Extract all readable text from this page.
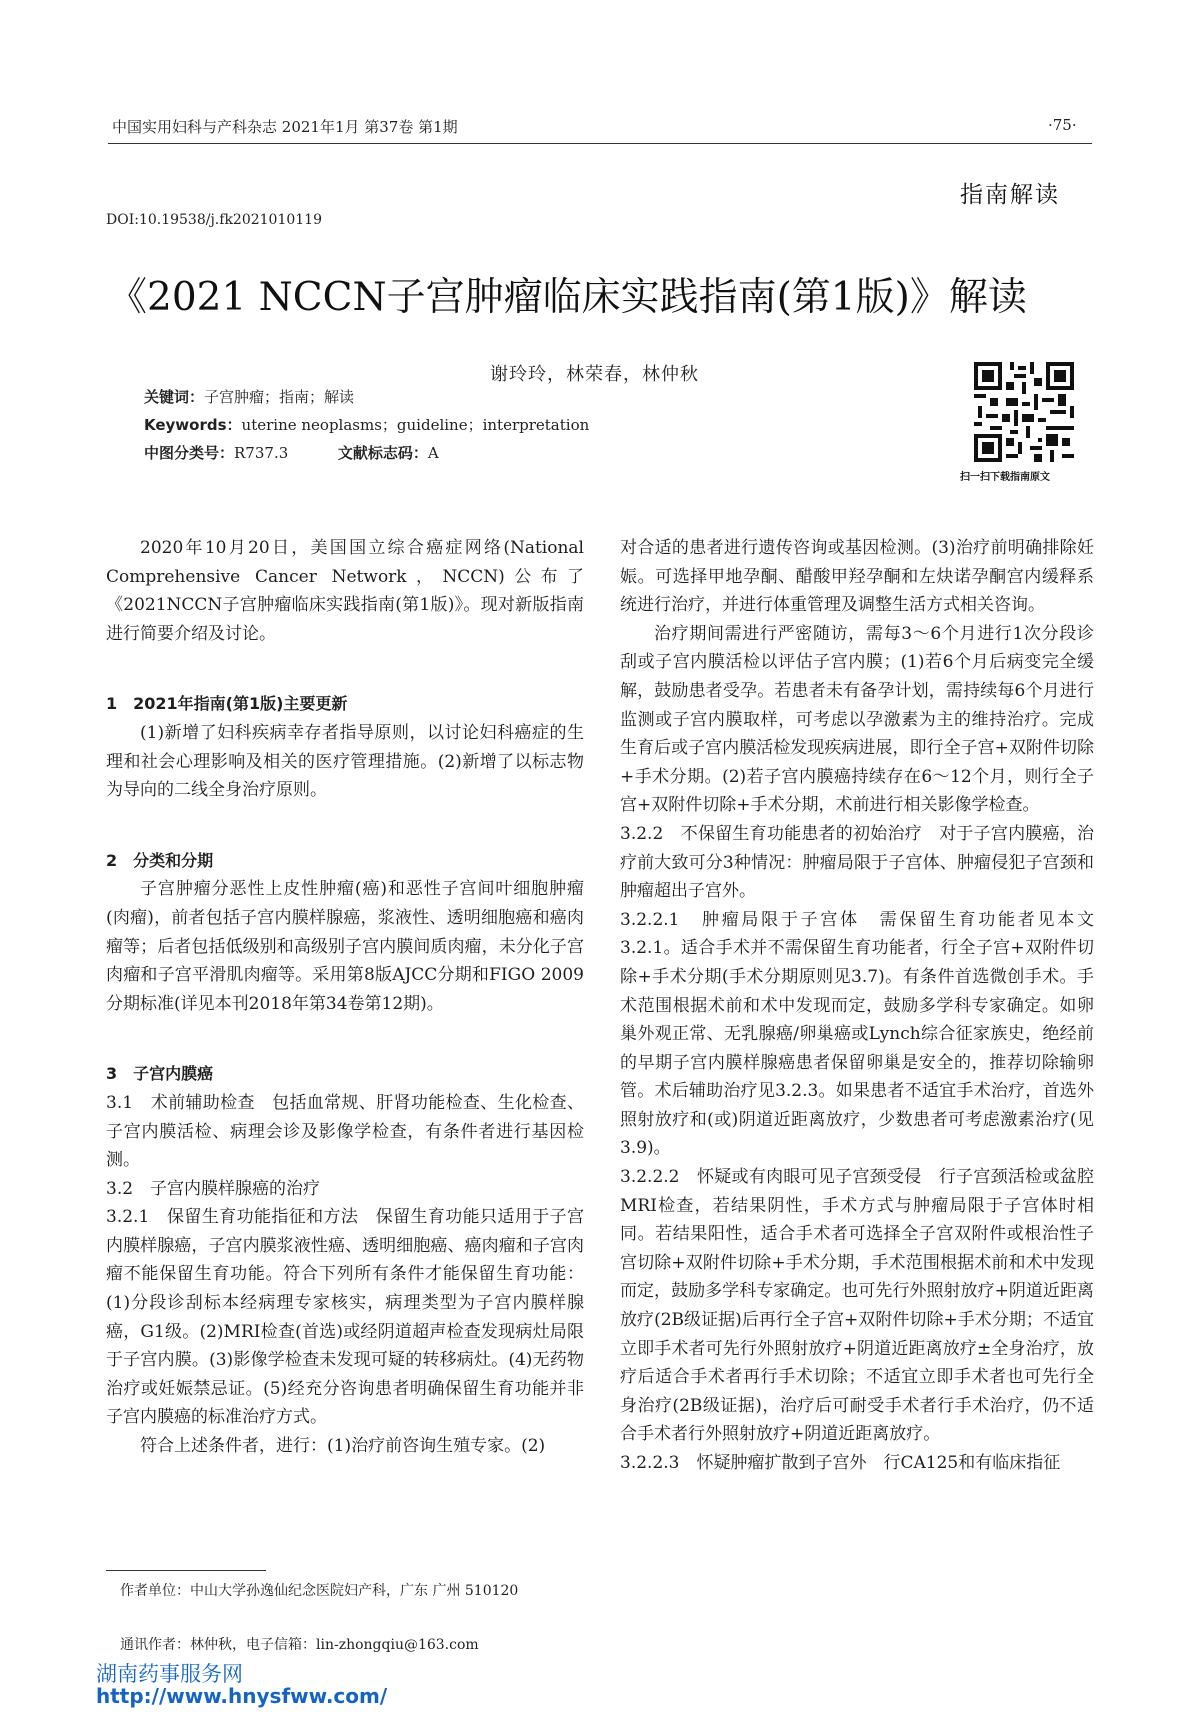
中国实用妇科与产科杂志 2021年1月 第37卷 第1期	·75·
指南解读
DOI:10.19538/j.fk2021010119
《2021 NCCN子宫肿瘤临床实践指南(第1版)》解读
谢玲玲，林荣春，林仲秋
关键词：子宫肿瘤；指南；解读
Keywords：uterine neoplasms；guideline；interpretation
中图分类号：R737.3	文献标志码：A
扫一扫下载指南原文

2020年10月20日，美国国立综合癌症网络(National Comprehensive Cancer Network，NCCN)公布了《2021NCCN子宫肿瘤临床实践指南(第1版)》。现对新版指南进行简要介绍及讨论。

1　2021年指南(第1版)主要更新

(1)新增了妇科疾病幸存者指导原则，以讨论妇科癌症的生理和社会心理影响及相关的医疗管理措施。(2)新增了以标志物为导向的二线全身治疗原则。

2　分类和分期

子宫肿瘤分恶性上皮性肿瘤(癌)和恶性子宫间叶细胞肿瘤(肉瘤)，前者包括子宫内膜样腺癌，浆液性、透明细胞癌和癌肉瘤等；后者包括低级别和高级别子宫内膜间质肉瘤，未分化子宫肉瘤和子宫平滑肌肉瘤等。采用第8版AJCC分期和FIGO 2009分期标准(详见本刊2018年第34卷第12期)。

3　子宫内膜癌

3.1　术前辅助检查　包括血常规、肝肾功能检查、生化检查、子宫内膜活检、病理会诊及影像学检查，有条件者进行基因检测。

3.2　子宫内膜样腺癌的治疗

3.2.1　保留生育功能指征和方法　保留生育功能只适用于子宫内膜样腺癌，子宫内膜浆液性癌、透明细胞癌、癌肉瘤和子宫肉瘤不能保留生育功能。符合下列所有条件才能保留生育功能：(1)分段诊刮标本经病理专家核实，病理类型为子宫内膜样腺癌，G1级。(2)MRI检查(首选)或经阴道超声检查发现病灶局限于子宫内膜。(3)影像学检查未发现可疑的转移病灶。(4)无药物治疗或妊娠禁忌证。(5)经充分咨询患者明确保留生育功能并非子宫内膜癌的标准治疗方式。

符合上述条件者，进行：(1)治疗前咨询生殖专家。(2)

对合适的患者进行遗传咨询或基因检测。(3)治疗前明确排除妊娠。可选择甲地孕酮、醋酸甲羟孕酮和左炔诺孕酮宫内缓释系统进行治疗，并进行体重管理及调整生活方式相关咨询。

治疗期间需进行严密随访，需每3～6个月进行1次分段诊刮或子宫内膜活检以评估子宫内膜；(1)若6个月后病变完全缓解，鼓励患者受孕。若患者未有备孕计划，需持续每6个月进行监测或子宫内膜取样，可考虑以孕激素为主的维持治疗。完成生育后或子宫内膜活检发现疾病进展，即行全子宫+双附件切除+手术分期。(2)若子宫内膜癌持续存在6～12个月，则行全子宫+双附件切除+手术分期，术前进行相关影像学检查。

3.2.2　不保留生育功能患者的初始治疗　对于子宫内膜癌，治疗前大致可分3种情况：肿瘤局限于子宫体、肿瘤侵犯子宫颈和肿瘤超出子宫外。

3.2.2.1　肿瘤局限于子宫体　需保留生育功能者见本文3.2.1。适合手术并不需保留生育功能者，行全子宫+双附件切除+手术分期(手术分期原则见3.7)。有条件首选微创手术。手术范围根据术前和术中发现而定，鼓励多学科专家确定。如卵巢外观正常、无乳腺癌/卵巢癌或Lynch综合征家族史，绝经前的早期子宫内膜样腺癌患者保留卵巢是安全的，推荐切除输卵管。术后辅助治疗见3.2.3。如果患者不适宜手术治疗，首选外照射放疗和(或)阴道近距离放疗，少数患者可考虑激素治疗(见3.9)。

3.2.2.2　怀疑或有肉眼可见子宫颈受侵　行子宫颈活检或盆腔MRI检查，若结果阴性，手术方式与肿瘤局限于子宫体时相同。若结果阳性，适合手术者可选择全子宫双附件或根治性子宫切除+双附件切除+手术分期，手术范围根据术前和术中发现而定，鼓励多学科专家确定。也可先行外照射放疗+阴道近距离放疗(2B级证据)后再行全子宫+双附件切除+手术分期；不适宜立即手术者可先行外照射放疗+阴道近距离放疗±全身治疗，放疗后适合手术者再行手术切除；不适宜立即手术者也可先行全身治疗(2B级证据)，治疗后可耐受手术者行手术治疗，仍不适合手术者行外照射放疗+阴道近距离放疗。

3.2.2.3　怀疑肿瘤扩散到子宫外　行CA125和有临床指征

作者单位：中山大学孙逸仙纪念医院妇产科，广东 广州 510120
通讯作者：林仲秋，电子信箱：lin-zhongqiu@163.com
湖南药事服务网
http://www.hnysfww.com/
